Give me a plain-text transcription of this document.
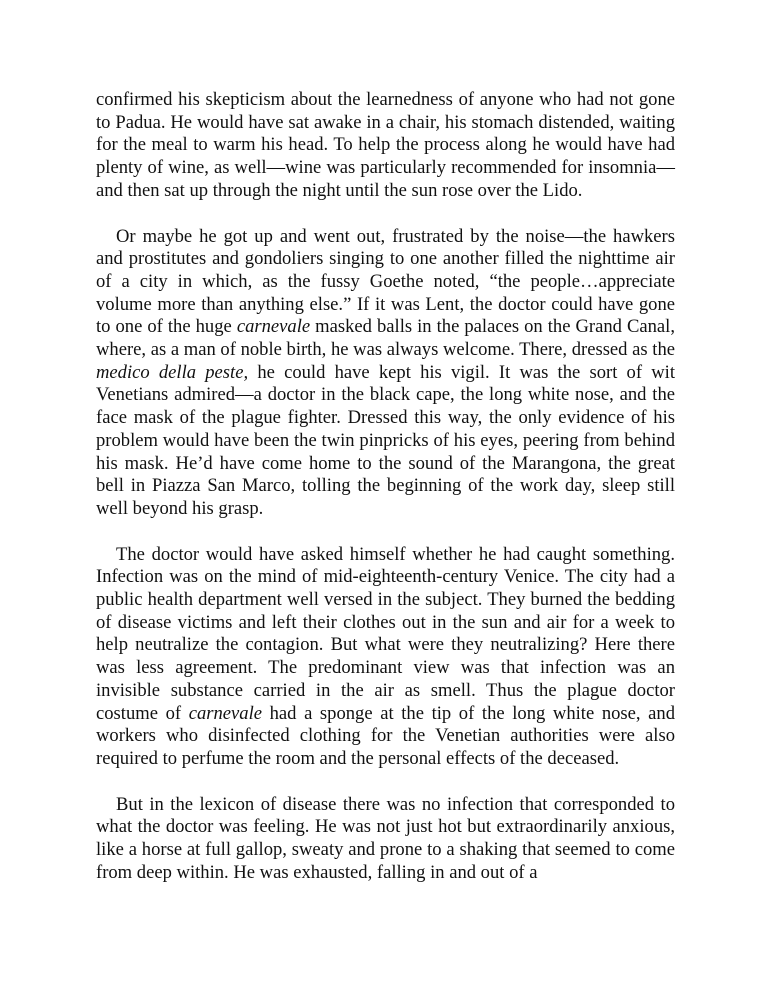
confirmed his skepticism about the learnedness of anyone who had not gone to Padua. He would have sat awake in a chair, his stomach distended, waiting for the meal to warm his head. To help the process along he would have had plenty of wine, as well—wine was particularly recommended for insomnia—and then sat up through the night until the sun rose over the Lido.

Or maybe he got up and went out, frustrated by the noise—the hawkers and prostitutes and gondoliers singing to one another filled the nighttime air of a city in which, as the fussy Goethe noted, “the people…appreciate volume more than anything else.” If it was Lent, the doctor could have gone to one of the huge carnevale masked balls in the palaces on the Grand Canal, where, as a man of noble birth, he was always welcome. There, dressed as the medico della peste, he could have kept his vigil. It was the sort of wit Venetians admired—a doctor in the black cape, the long white nose, and the face mask of the plague fighter. Dressed this way, the only evidence of his problem would have been the twin pinpricks of his eyes, peering from behind his mask. He’d have come home to the sound of the Marangona, the great bell in Piazza San Marco, tolling the beginning of the work day, sleep still well beyond his grasp.

The doctor would have asked himself whether he had caught something. Infection was on the mind of mid-eighteenth-century Venice. The city had a public health department well versed in the subject. They burned the bedding of disease victims and left their clothes out in the sun and air for a week to help neutralize the contagion. But what were they neutralizing? Here there was less agreement. The predominant view was that infection was an invisible substance carried in the air as smell. Thus the plague doctor costume of carnevale had a sponge at the tip of the long white nose, and workers who disinfected clothing for the Venetian authorities were also required to perfume the room and the personal effects of the deceased.

But in the lexicon of disease there was no infection that corresponded to what the doctor was feeling. He was not just hot but extraordinarily anxious, like a horse at full gallop, sweaty and prone to a shaking that seemed to come from deep within. He was exhausted, falling in and out of a
